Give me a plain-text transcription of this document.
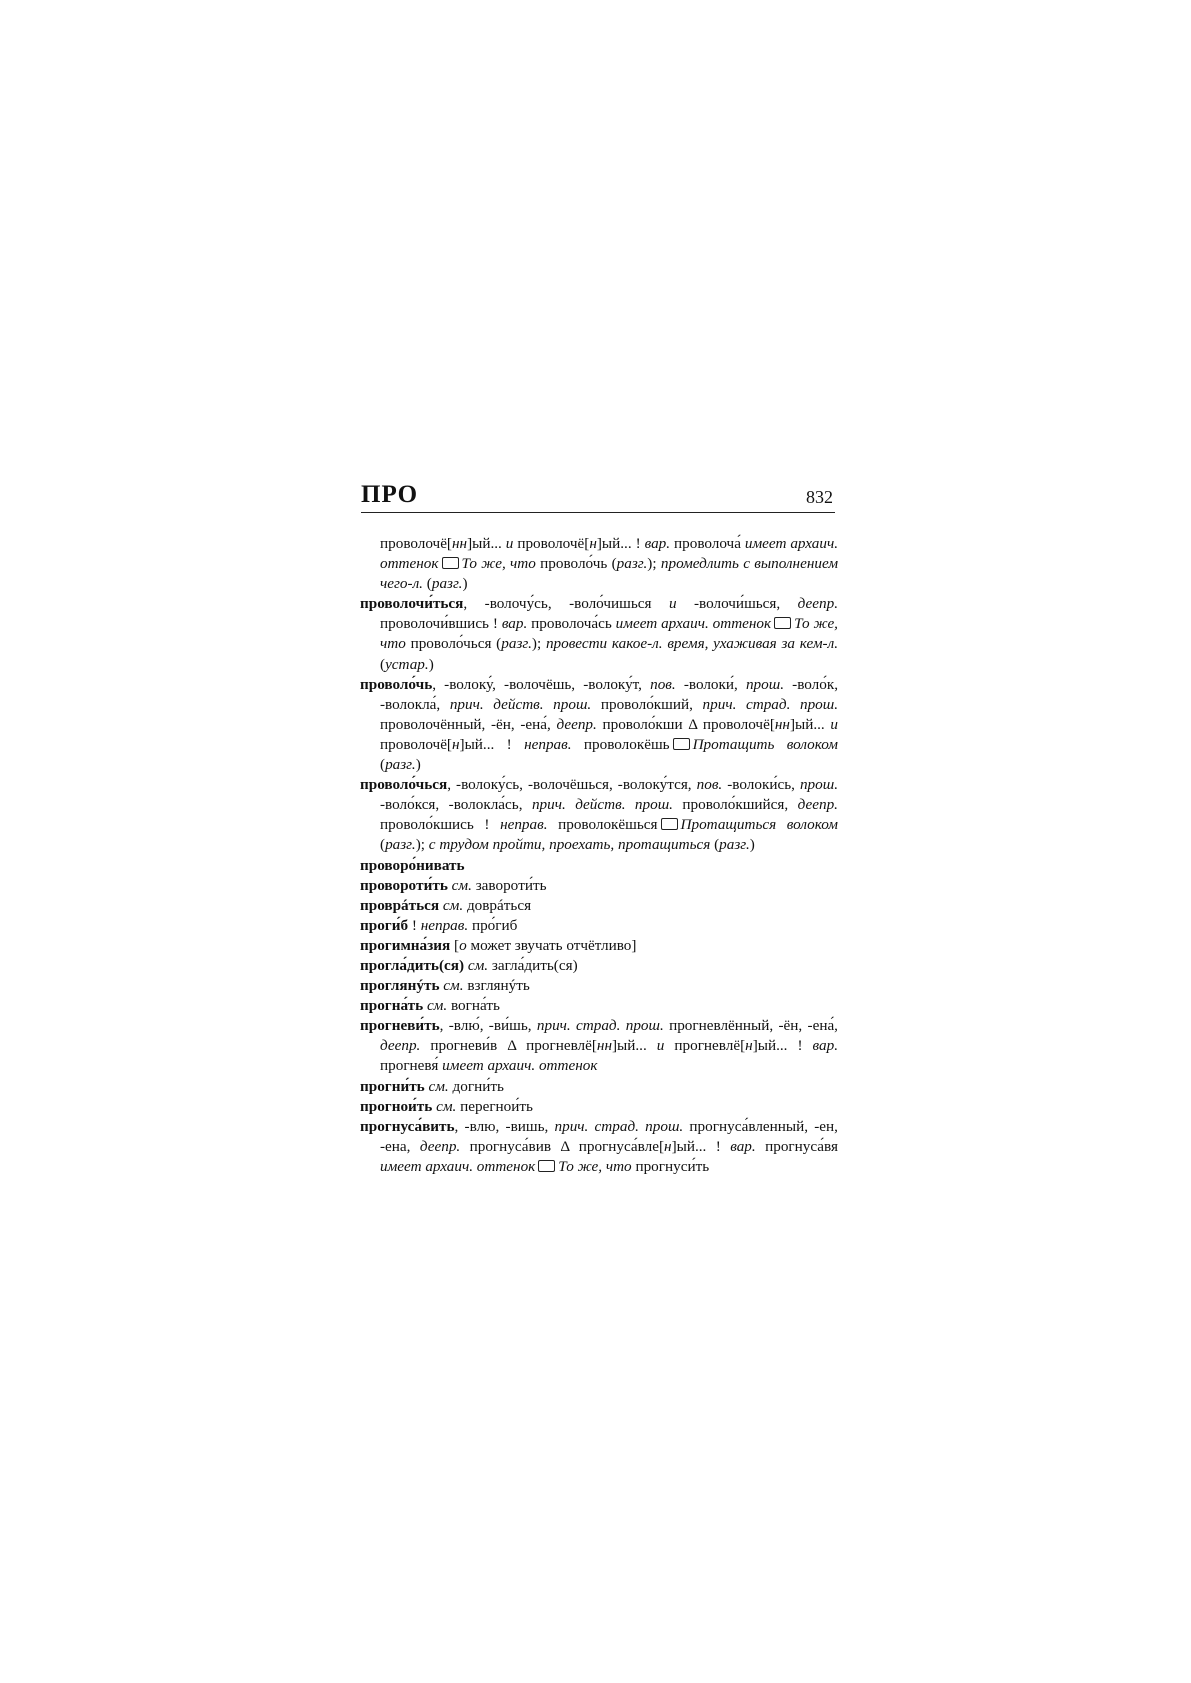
ПРО	832

проволочё[нн]ый... и проволочё[н]ый... ! вар. проволоча́ имеет архаич. оттенок То же, что проволо́чь (разг.); промедлить с выполнением чего-л. (разг.)

проволочи́ться, -волочу́сь, -воло́чишься и -волочи́шься, деепр. проволочи́вшись ! вар. проволоча́сь имеет архаич. оттенок То же, что проволо́чься (разг.); провести какое-л. время, ухаживая за кем-л. (устар.)

проволо́чь, -волоку́, -волочёшь, -волоку́т, пов. -волоки́, прош. -воло́к, -волокла́, прич. действ. прош. проволо́кший, прич. страд. прош. проволочённый, -ён, -ена́, деепр. проволо́кши Δ проволочё[нн]ый... и проволочё[н]ый... ! неправ. проволокёшь Протащить волоком (разг.)

проволо́чься, -волоку́сь, -волочёшься, -волоку́тся, пов. -волоки́сь, прош. -воло́кся, -волокла́сь, прич. действ. прош. проволо́кшийся, деепр. проволо́кшись ! неправ. проволокёшься Протащиться волоком (разг.); с трудом пройти, проехать, протащиться (разг.)

проворо́нивать

проворoти́ть см. заворoти́ть

проврáться см. доврáться

проги́б ! неправ. про́гиб

прогимна́зия [о может звучать отчётливо]

прогла́дить(ся) см. загла́дить(ся)

проглянýть см. взглянýть

прогна́ть см. вогна́ть

прогневи́ть, -влю́, -ви́шь, прич. страд. прош. прогневлённый, -ён, -ена́, деепр. прогневи́в Δ прогневлё[нн]ый... и прогневлё[н]ый... ! вар. прогневя́ имеет архаич. оттенок

прогни́ть см. догни́ть

прогнои́ть см. перегнои́ть

прогнуса́вить, -влю, -вишь, прич. страд. прош. прогнуса́вленный, -ен, -ена, деепр. прогнуса́вив Δ прогнуса́вле[н]ый... ! вар. прогнуса́вя имеет архаич. оттенок То же, что прогнуси́ть
